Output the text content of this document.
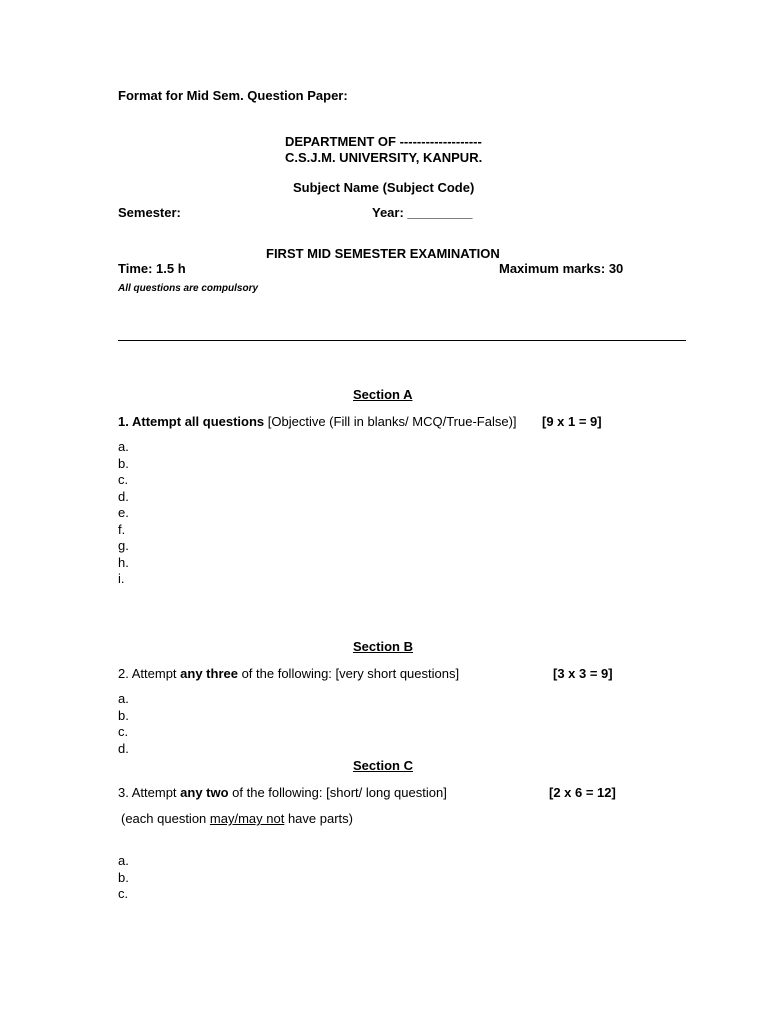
Format for Mid Sem. Question Paper:
DEPARTMENT OF -------------------
C.S.J.M. UNIVERSITY, KANPUR.
Subject Name (Subject Code)
Semester:	Year: _________
FIRST MID SEMESTER EXAMINATION
Time: 1.5 h	Maximum marks: 30
All questions are compulsory
Section A
1. Attempt all questions [Objective (Fill in blanks/ MCQ/True-False)] [9 x 1 = 9]
a.
b.
c.
d.
e.
f.
g.
h.
i.
Section B
2. Attempt any three of the following: [very short questions]	[3 x 3 = 9]
a.
b.
c.
d.
Section C
3. Attempt any two of the following: [short/ long question]	[2 x 6 = 12]
(each question may/may not have parts)
a.
b.
c.
